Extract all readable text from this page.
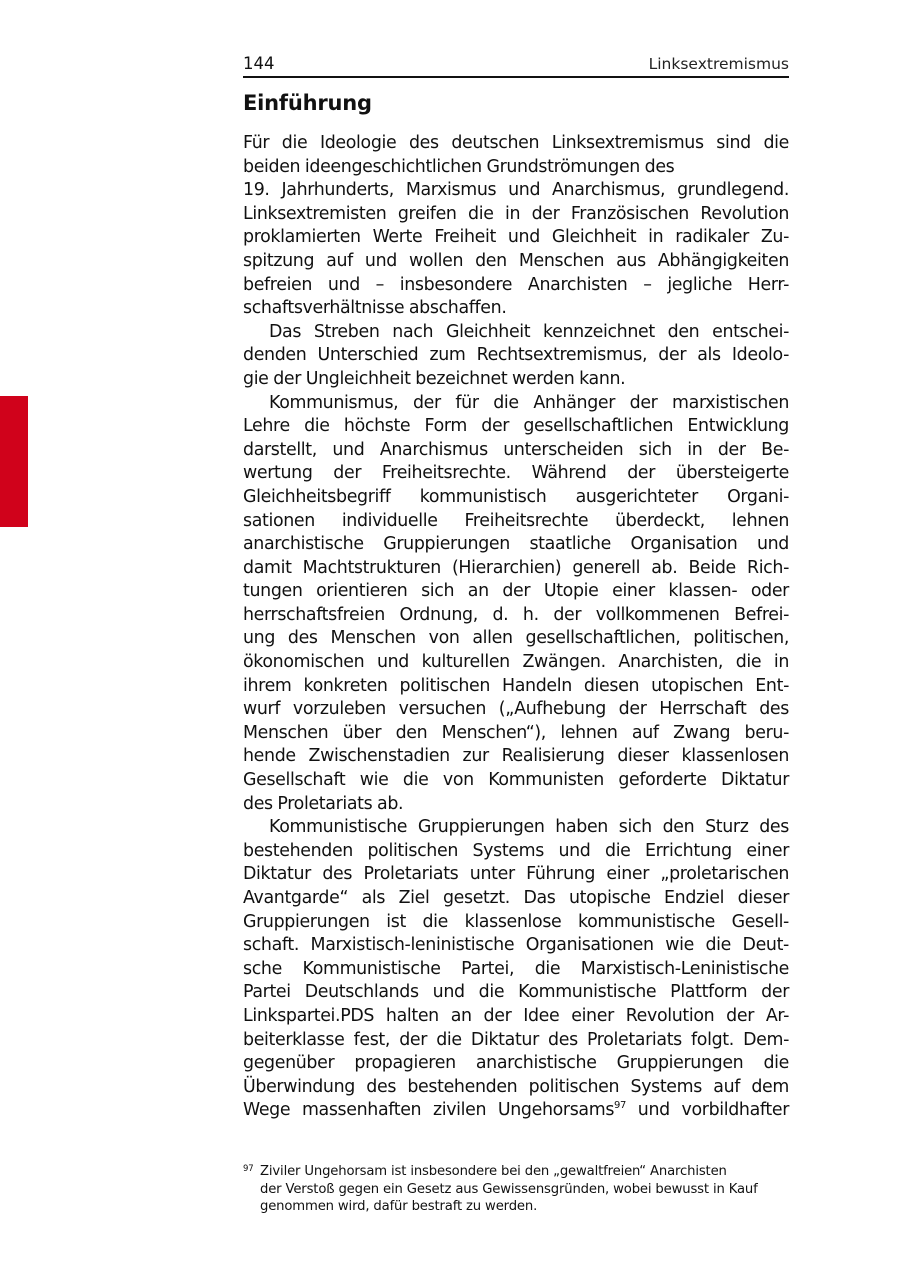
144	Linksextremismus
Einführung
Für die Ideologie des deutschen Linksextremismus sind die
beiden ideengeschichtlichen Grundströmungen des
19. Jahrhunderts, Marxismus und Anarchismus, grundlegend.
Linksextremisten greifen die in der Französischen Revolution
proklamierten Werte Freiheit und Gleichheit in radikaler Zu-
spitzung auf und wollen den Menschen aus Abhängigkeiten
befreien und – insbesondere Anarchisten – jegliche Herr-
schaftsverhältnisse abschaffen.
Das Streben nach Gleichheit kennzeichnet den entschei-
denden Unterschied zum Rechtsextremismus, der als Ideolo-
gie der Ungleichheit bezeichnet werden kann.
Kommunismus, der für die Anhänger der marxistischen
Lehre die höchste Form der gesellschaftlichen Entwicklung
darstellt, und Anarchismus unterscheiden sich in der Be-
wertung der Freiheitsrechte. Während der übersteigerte
Gleichheitsbegriff kommunistisch ausgerichteter Organi-
sationen individuelle Freiheitsrechte überdeckt, lehnen
anarchistische Gruppierungen staatliche Organisation und
damit Machtstrukturen (Hierarchien) generell ab. Beide Rich-
tungen orientieren sich an der Utopie einer klassen- oder
herrschaftsfreien Ordnung, d. h. der vollkommenen Befrei-
ung des Menschen von allen gesellschaftlichen, politischen,
ökonomischen und kulturellen Zwängen. Anarchisten, die in
ihrem konkreten politischen Handeln diesen utopischen Ent-
wurf vorzuleben versuchen („Aufhebung der Herrschaft des
Menschen über den Menschen“), lehnen auf Zwang beru-
hende Zwischenstadien zur Realisierung dieser klassenlosen
Gesellschaft wie die von Kommunisten geforderte Diktatur
des Proletariats ab.
Kommunistische Gruppierungen haben sich den Sturz des
bestehenden politischen Systems und die Errichtung einer
Diktatur des Proletariats unter Führung einer „proletarischen
Avantgarde“ als Ziel gesetzt. Das utopische Endziel dieser
Gruppierungen ist die klassenlose kommunistische Gesell-
schaft. Marxistisch-leninistische Organisationen wie die Deut-
sche Kommunistische Partei, die Marxistisch-Leninistische
Partei Deutschlands und die Kommunistische Plattform der
Linkspartei.PDS halten an der Idee einer Revolution der Ar-
beiterklasse fest, der die Diktatur des Proletariats folgt. Dem-
gegenüber propagieren anarchistische Gruppierungen die
Überwindung des bestehenden politischen Systems auf dem
Wege massenhaften zivilen Ungehorsams$^{97}$ und vorbildhafter
97 Ziviler Ungehorsam ist insbesondere bei den „gewaltfreien“ Anarchisten
der Verstoß gegen ein Gesetz aus Gewissensgründen, wobei bewusst in Kauf
genommen wird, dafür bestraft zu werden.
